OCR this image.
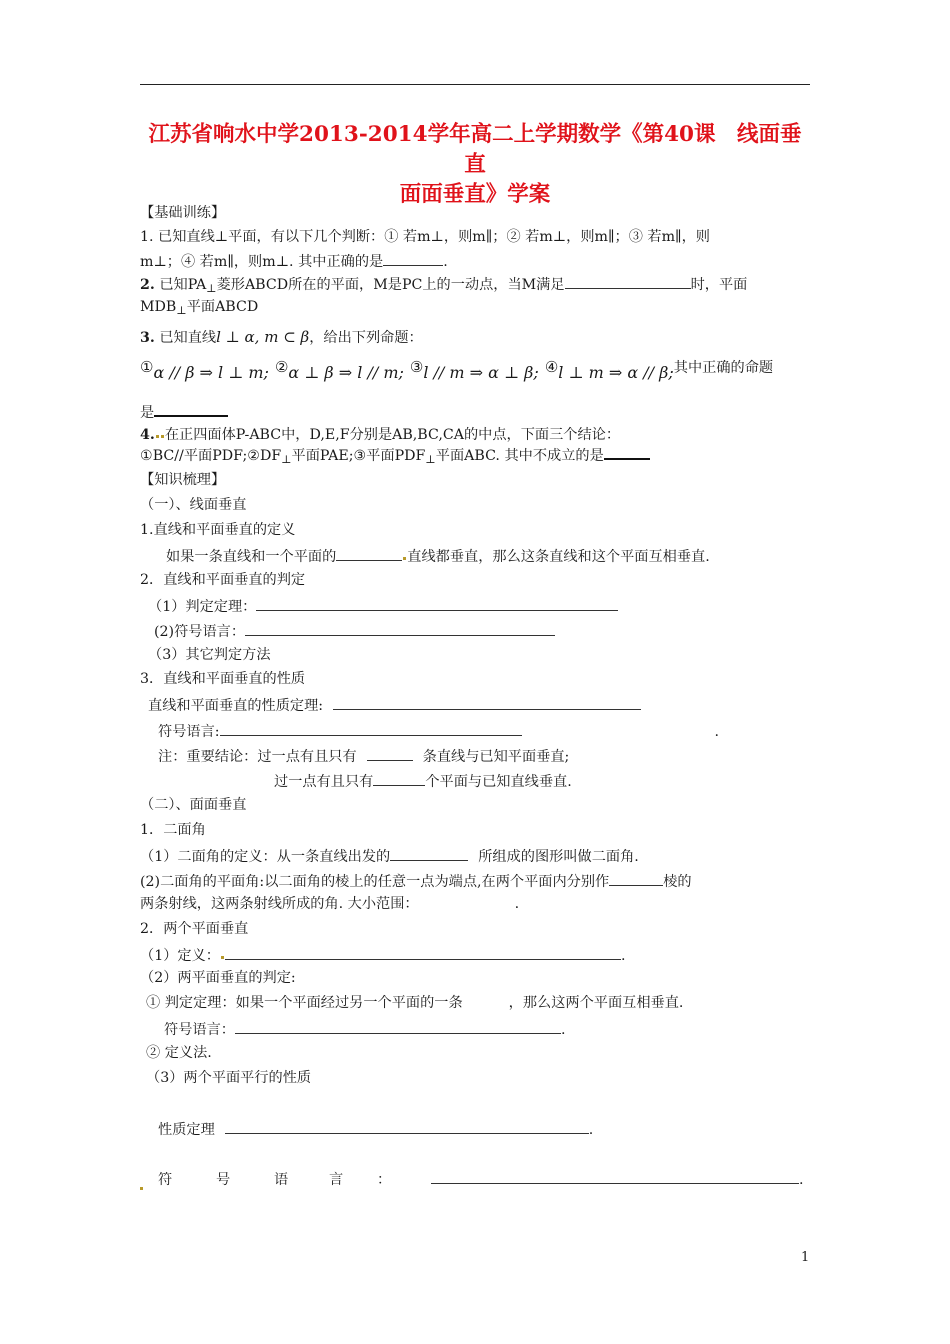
江苏省响水中学2013-2014学年高二上学期数学《第40课　线面垂直
面面垂直》学案
【基础训练】
1. 已知直线⊥平面，有以下几个判断：① 若m⊥，则m∥；② 若m⊥，则m∥；③ 若m∥，则
m⊥；④ 若m∥，则m⊥. 其中正确的是	.
2. 已知$PA_\perp$菱形ABCD所在的平面，M是PC上的一动点，当M满足	时，平面
$MDB_\perp$平面ABCD
3. 已知直线l ⊥ α, m ⊂ β，给出下列命题：
①α // β ⇒ l ⊥ m; ②α ⊥ β ⇒ l // m; ③l // m ⇒ α ⊥ β; ④l ⊥ m ⇒ α // β;其中正确的命题
是
4. 在正四面体P-ABC中，D,E,F分别是AB,BC,CA的中点，下面三个结论：
①BC//平面$PDF;②DF_\perp$平面PAE;③平面$PDF_\perp$平面ABC. 其中不成立的是
【知识梳理】
（一）、线面垂直
1.直线和平面垂直的定义
如果一条直线和一个平面的	直线都垂直，那么这条直线和这个平面互相垂直.
2．直线和平面垂直的判定
（1）判定定理：
(2)符号语言：
（3）其它判定方法
3．直线和平面垂直的性质
直线和平面垂直的性质定理:
符号语言:	.
注：重要结论：过一点有且只有	条直线与已知平面垂直;
过一点有且只有	个平面与已知直线垂直.
（二）、面面垂直
1．二面角
（1）二面角的定义：从一条直线出发的	所组成的图形叫做二面角.
(2)二面角的平面角:以二面角的棱上的任意一点为端点,在两个平面内分别作	棱的
两条射线，这两条射线所成的角. 大小范围：	.
2．两个平面垂直
（1）定义：	.
（2）两平面垂直的判定:
① 判定定理：如果一个平面经过另一个平面的一条	，那么这两个平面互相垂直.
符号语言：	.
② 定义法.
（3）两个平面平行的性质
性质定理	.
符	号	语	言 ：	.
1
